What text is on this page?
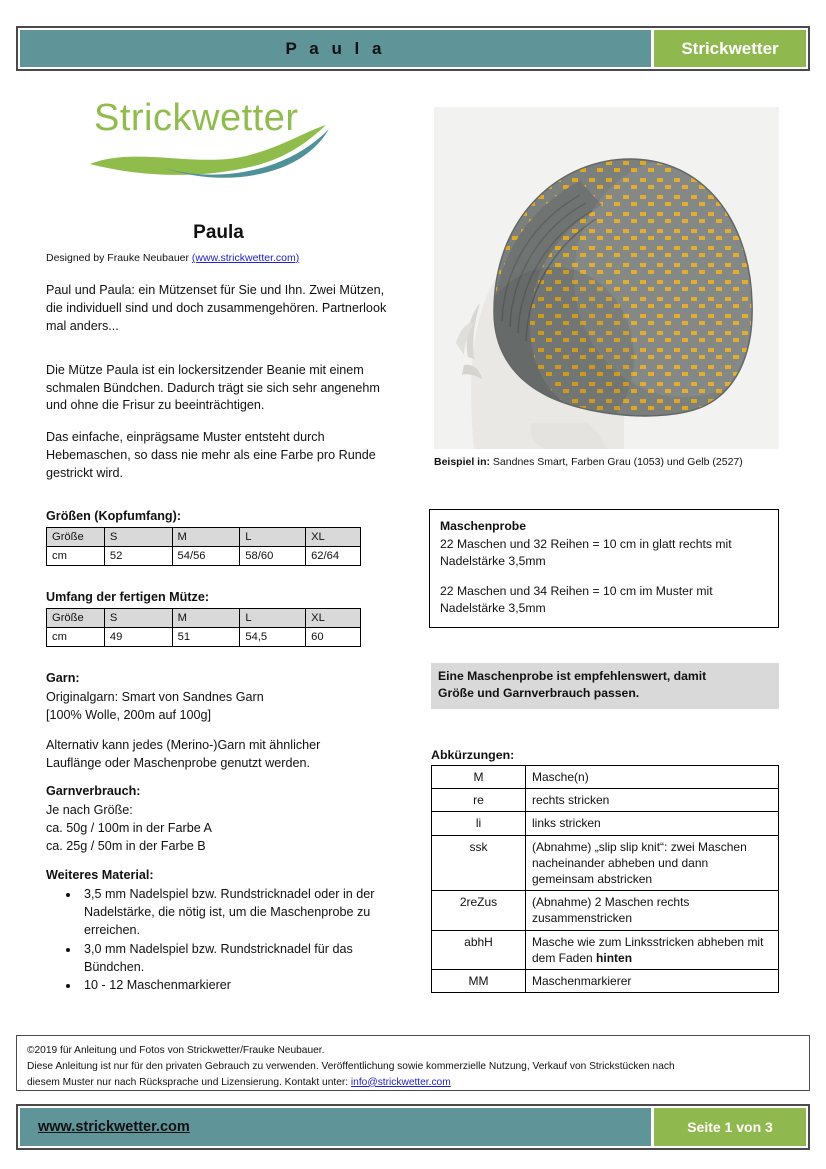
P a u l a	Strickwetter
Strickwetter
Paula
Designed by Frauke Neubauer (www.strickwetter.com)
Paul und Paula: ein Mützenset für Sie und Ihn. Zwei Mützen, die individuell sind und doch zusammengehören. Partnerlook mal anders...
Die Mütze Paula ist ein lockersitzender Beanie mit einem schmalen Bündchen. Dadurch trägt sie sich sehr angenehm und ohne die Frisur zu beeinträchtigen.
Das einfache, einprägsame Muster entsteht durch Hebemaschen, so dass nie mehr als eine Farbe pro Runde gestrickt wird.
Größen (Kopfumfang):
Größe	S	M	L	XL
cm	52	54/56	58/60	62/64
Umfang der fertigen Mütze:
Größe	S	M	L	XL
cm	49	51	54,5	60
Garn:
Originalgarn: Smart von Sandnes Garn
[100% Wolle, 200m auf 100g]
Alternativ kann jedes (Merino-)Garn mit ähnlicher
Lauflänge oder Maschenprobe genutzt werden.
Garnverbrauch:
Je nach Größe:
ca. 50g / 100m in der Farbe A
ca. 25g / 50m in der Farbe B
Weiteres Material:
• 3,5 mm Nadelspiel bzw. Rundstricknadel oder in der Nadelstärke, die nötig ist, um die Maschenprobe zu erreichen.
• 3,0 mm Nadelspiel bzw. Rundstricknadel für das Bündchen.
• 10 - 12 Maschenmarkierer
Beispiel in: Sandnes Smart, Farben Grau (1053) und Gelb (2527)
Maschenprobe
22 Maschen und 32 Reihen = 10 cm in glatt rechts mit
Nadelstärke 3,5mm
22 Maschen und 34 Reihen = 10 cm im Muster mit
Nadelstärke 3,5mm
Eine Maschenprobe ist empfehlenswert, damit
Größe und Garnverbrauch passen.
Abkürzungen:
M	Masche(n)
re	rechts stricken
li	links stricken
ssk	(Abnahme) „slip slip knit“: zwei Maschen nacheinander abheben und dann gemeinsam abstricken
2reZus	(Abnahme) 2 Maschen rechts zusammenstricken
abhH	Masche wie zum Linksstricken abheben mit dem Faden hinten
MM	Maschenmarkierer
©2019 für Anleitung und Fotos von Strickwetter/Frauke Neubauer.
Diese Anleitung ist nur für den privaten Gebrauch zu verwenden. Veröffentlichung sowie kommerzielle Nutzung, Verkauf von Strickstücken nach
diesem Muster nur nach Rücksprache und Lizensierung. Kontakt unter: info@strickwetter.com
www.strickwetter.com	Seite 1 von 3
